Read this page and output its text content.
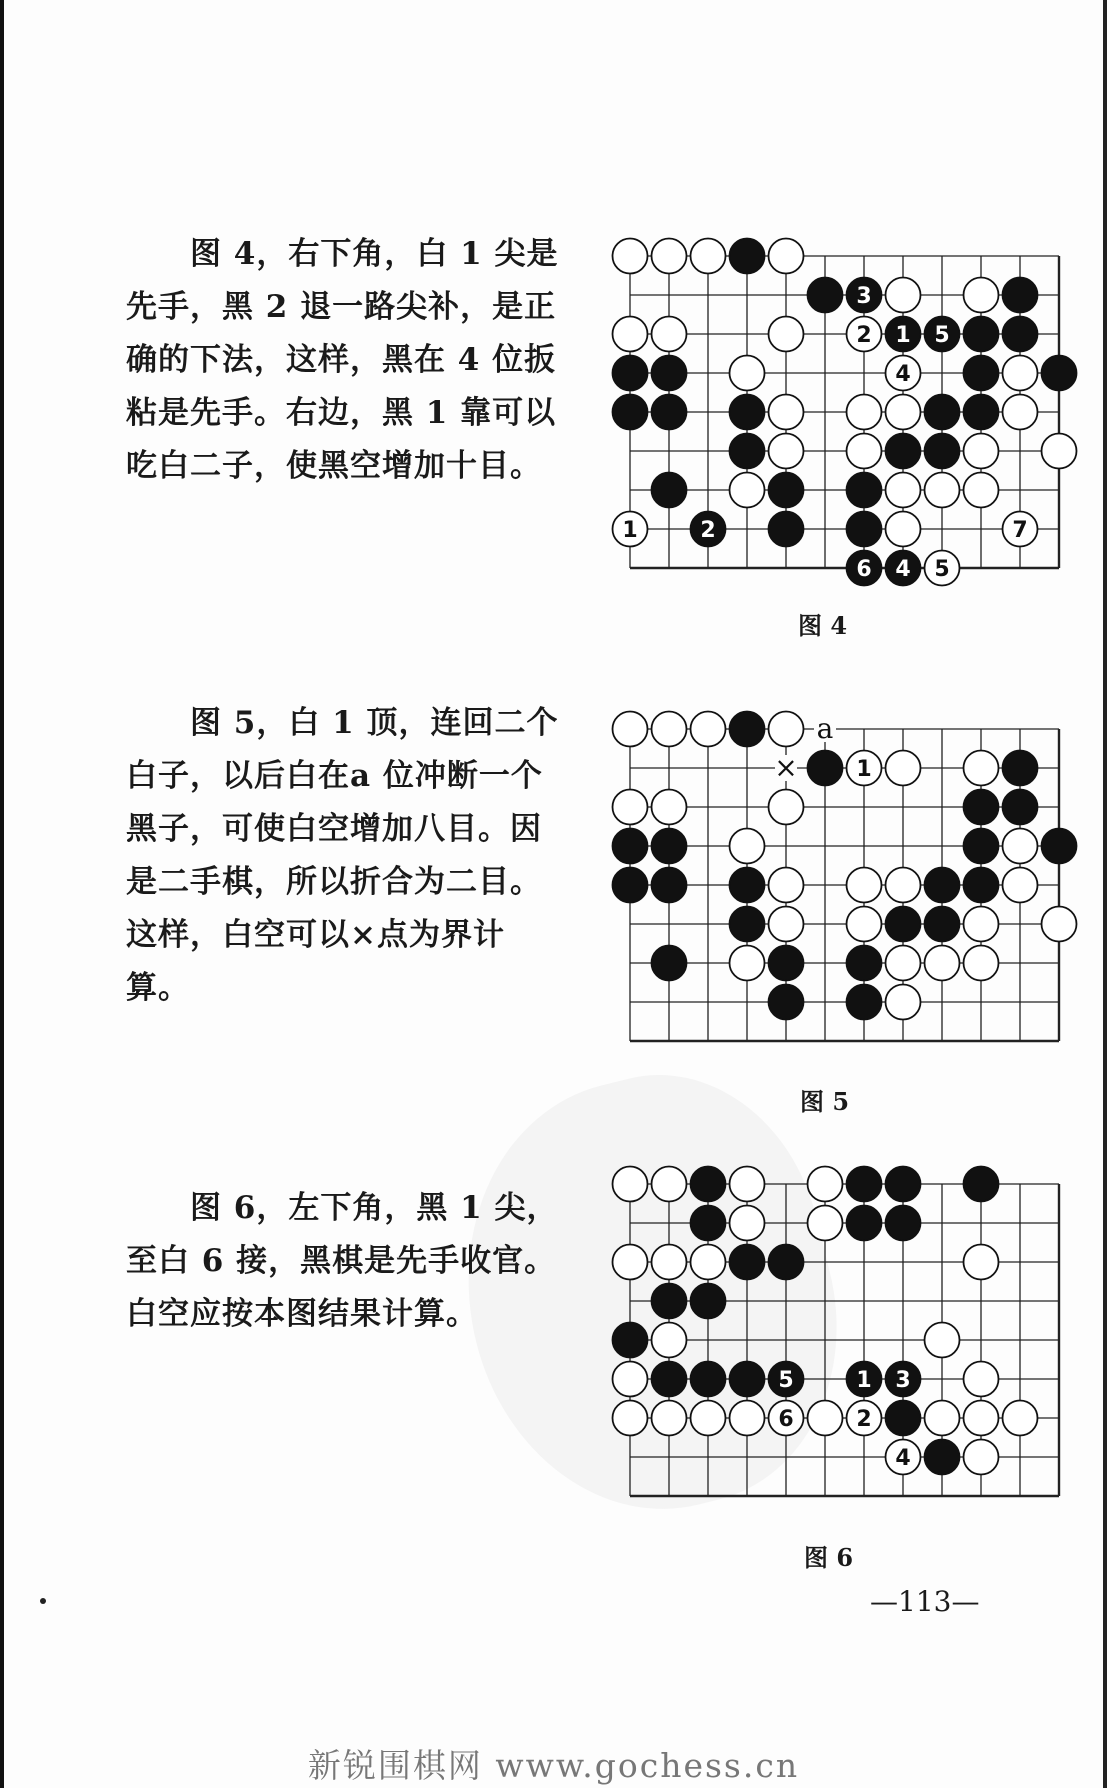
图 4，右下角，白 1 尖是先手，黑 2 退一路尖补，是正确的下法，这样，黑在 4 位扳粘是先手。右边，黑 1 靠可以吃白二子，使黑空增加十目。

3
2 1 5
4
1	2	7
6 4 5

图 4

图 5，白 1 顶，连回二个白子，以后白在a 位冲断一个黑子，可使白空增加八目。因是二手棋，所以折合为二目。这样，白空可以×点为界计算。

1
a
×

图 5

图 6，左下角，黑 1 尖，至白 6 接，黑棋是先手收官。白空应按本图结果计算。

5	1 3
6	2
4

图 6

—113—

新锐围棋网 www.gochess.cn
